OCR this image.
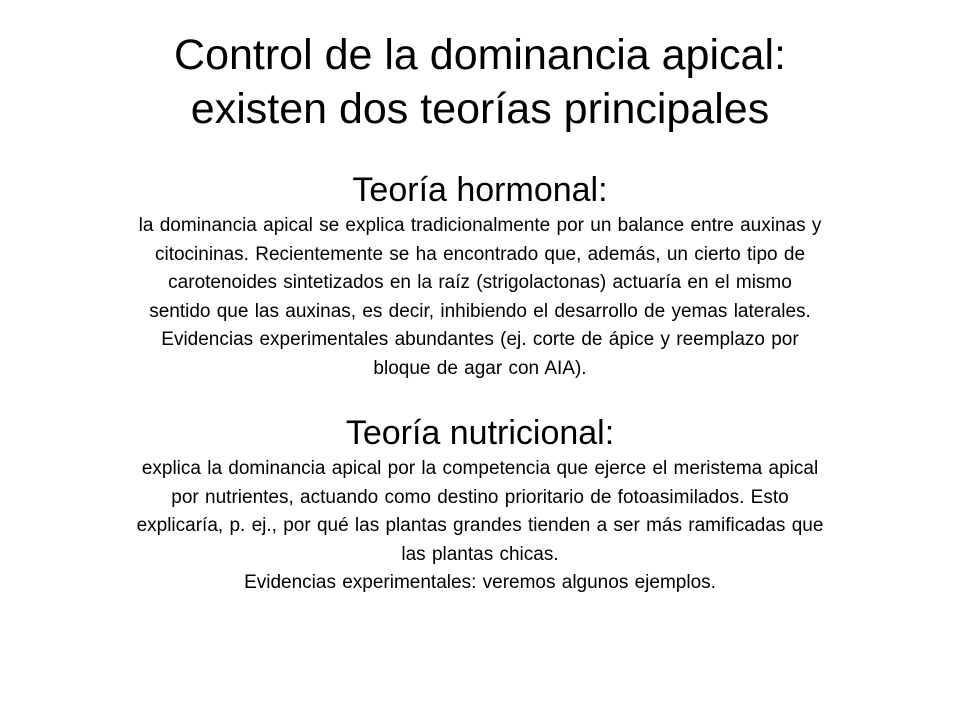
Control de la dominancia apical:
existen dos teorías principales
Teoría hormonal:

la dominancia apical se explica tradicionalmente por un balance entre auxinas y
citocininas. Recientemente se ha encontrado que, además, un cierto tipo de
carotenoides sintetizados en la raíz (strigolactonas) actuaría en el mismo
sentido que las auxinas, es decir, inhibiendo el desarrollo de yemas laterales.
Evidencias experimentales abundantes (ej. corte de ápice y reemplazo por
bloque de agar con AIA).

Teoría nutricional:

explica la dominancia apical por la competencia que ejerce el meristema apical
por nutrientes, actuando como destino prioritario de fotoasimilados. Esto
explicaría, p. ej., por qué las plantas grandes tienden a ser más ramificadas que
las plantas chicas.
Evidencias experimentales: veremos algunos ejemplos.
